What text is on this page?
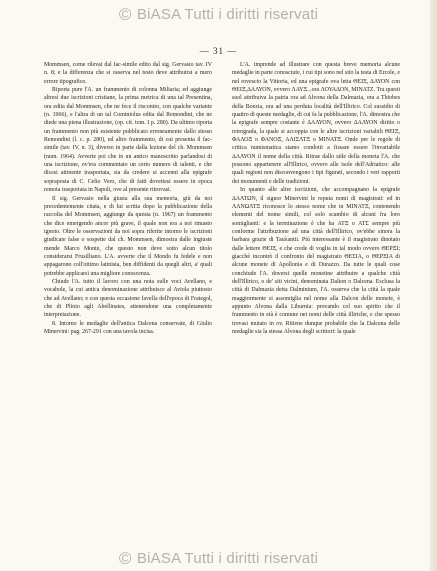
© BiASA Tutti i diritti riservati
— 31 —

Mommsen, come rilevai dal fac-simile edito dal sig. Gervasio tav. IV n. 8; e la differenza che si osserva nel testo deve attribuirsi a mero errore tipografico.

Riporta pure l'A. un frammento di colonna Miliaria; ed aggiunge altresì due iscrizioni cristiane, la prima metrica di una tal Presentina, ora edita dal Mommsen, che ne fece il riscontro, con qualche variante (n. 1966), e l'altra di un tal Cominiolus edita dal Remondini, che ne diede una piena illustrazione, (op. cit. tom. I p. 280). Da ultimo riporta un frammento non più esistente pubblicato erroneamente dallo stesso Remondini (l. c. p. 280), ed altro frammento, di cui presenta il fac-simile (tav. IV, n. 3), diverso in parte dalla lezione del ch. Mommsen (num. 1964). Avverte poi che in un antico manoscritto parlandosi di una iscrizione, ov'era commentato un certo numero di talenti, e che dicesi attinente trasportata, sia da credere si accenni alla epigrafe sopraposta di C. Celio Vero, che di fatti dovettesi essere in epoca remota trasportata in Napoli, ove al presente ritrovasi.

Il sig. Gervasio nella giusta alla sua memoria, giù da noi precedentemente citata, e di lui scritta dopo la pubblicazione della raccolta del Mommsen, aggiunge da questa (n. 1967) un frammento che dice emergendo ancor più grave, il quale non era a noi rimasto ignoto. Oltre le osservazioni da noi sopra riferite intorno le iscrizioni giudicate false o sospette dal ch. Mommsen, dimostra dalle ingiuste mende Marco Monte, che questo non deve sotto alcun titolo considerarsi Frusilliano. L'A. avverte che il Mondo fu fedele e non appagarono coll'ottimo latinista, ben diffidenti da quegli altri, a' quali potrebbe applicarsi una migliore conoscenza.

Chiude l'A. tutto il lavoro con una nota sulle voci Avellano, e vocabole, la cui antica denominazione attribuisce al Aviola piuttosto che ad Avellano; e con questa occasione favella dell'epoca di Frategol, che di Plinio agli Abellinates, attenendone una completamente interpretazione.

8. Intorno le medaglie dell'antica Dalcena conservate, di Giulio Minervini: pag. 267-291 con una tavola incisa.

L'A. imprende ad illustrare con questa breve memoria alcune medaglie in parte conosciute, i cui tipi sono nel sito la testa di Ercole, e nel rovescio la Vittoria, ed una epigrafe ova letta ΘΕΙΞ, ΔΑΥΟΝ con ΘΕΙΞ,ΔΑΛΥΟΝ, ovvero ΛΑΥΞ...ora ΛΟΥΑΔΟΝ, ΜΙΝΑΤΖ. Tra questi suol attribuiva la patria ora ad Alvona della Dalmazia, ora a Thiobes della Boezia, ora ad una perduta località dell'Illirico. Col sussidio di quattro di queste medaglie, di cui fa la pubblicazione, l'A. dimostra che la epigrafe sempre costante è ΔΑΛΥΟΝ, ovvero ΔΑΛΥΟΝ diritto o retrograda, la quale si accoppia con le altre iscrizioni variabili ΘΕΙΞ, ΦΑΛΟΞ o ΦΑΝΟΞ, ΑΛΙΣΛΤΞ o ΜΙΝΑΤΞ. Onde per le regole di critica numismatica siamo condotti a fissare essere l'invariabile ΔΑΛΥΟΝ il nome della città. Ritrae dallo stile della moneta l'A. che possono appartenere all'Illirico, ovvero alle isole dell'Adriatico: alle quali regioni non disconvengono i tipi figurati, secondo i veri rapporti dei monumenti e delle tradizioni.

In quanto alle altre iscrizioni, che accompagnano la epigrafe ΔΑΛΤΩΝ, il signor Minervini le reputa nomi di magistrati: ed in ΛΛΝΩΛΤΞ riconosce lo stesso nome che in ΜΙΝΑΤΞ, contenendo elementi del nome simili, col solo scambio di alcuni fra loro somiglianti: e la terminazione è che ha ΑΤΞ o ΑΤΣ sempre più conforme l'attribuzione ad una città dell'Illirico, ov'ebbe sinora la barbara grazie di Tauλantii. Più interessante è il magistrato dinotato dalle lettere ΘΕΙΞ, e che crede di voglia in tal modo ovvero ΘΕΡΞΙ; giacchè incontrò il confronto del magistrato ΘΕΣΙΑ, o ΘΕΡΞΙΑ di alcune monete di Apollonia e di Durazzo. Da tutte le quali cose conchiude l'A. doversi quelle monetine attribuire a qualche città dell'Illirico, o de' siti vicini, denominata Dalton o Dalcena. Esclusa la città di Dalmazia detta Dalminium, l'A. osserva che la città la quale maggiormente si assomiglia nel nome alla Dalcon delle monete, è appunto Alvona dalla Liburnia: provando col suo spirito che il frammento in età è comune nei nomi delle città illiriche, e che spesso trovasi mutato in ov. Ritiene dunque probabile che la Dalcena delle medaglie sia la stessa Alvona degli scrittori: la quale

© BiASA Tutti i diritti riservati
